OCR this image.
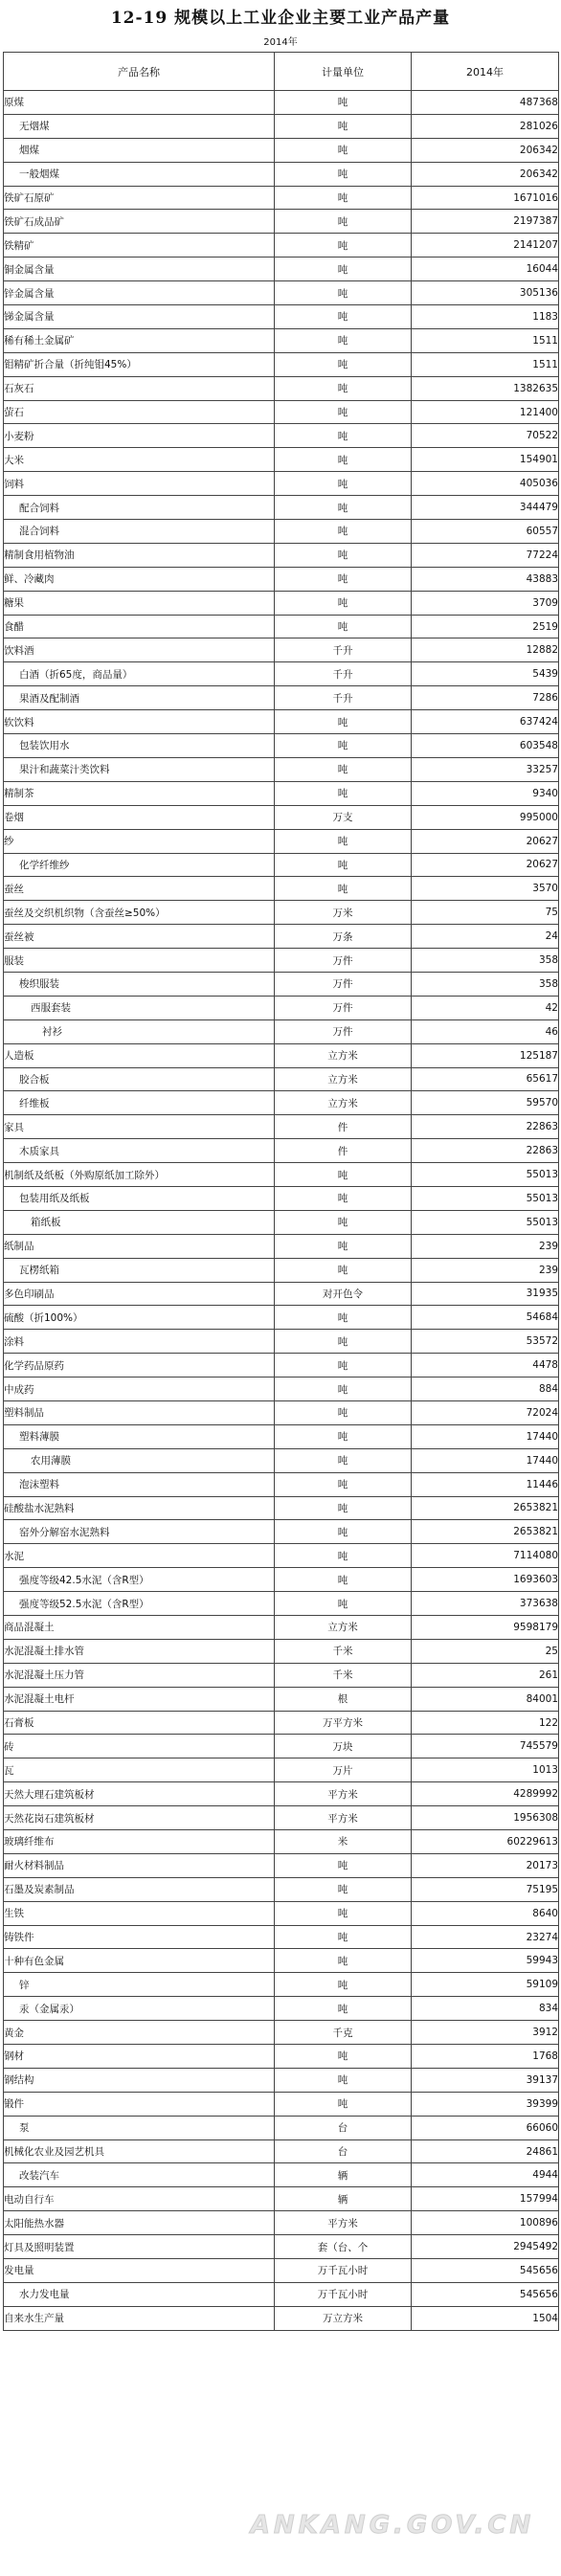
12-19 规模以上工业企业主要工业产品产量
2014年
产品名称	计量单位	2014年
原煤	吨	487368
无烟煤	吨	281026
烟煤	吨	206342
一般烟煤	吨	206342
铁矿石原矿	吨	1671016
铁矿石成品矿	吨	2197387
铁精矿	吨	2141207
铜金属含量	吨	16044
锌金属含量	吨	305136
锑金属含量	吨	1183
稀有稀土金属矿	吨	1511
钼精矿折合量（折纯钼45%）	吨	1511
石灰石	吨	1382635
萤石	吨	121400
小麦粉	吨	70522
大米	吨	154901
饲料	吨	405036
配合饲料	吨	344479
混合饲料	吨	60557
精制食用植物油	吨	77224
鲜、冷藏肉	吨	43883
糖果	吨	3709
食醋	吨	2519
饮料酒	千升	12882
白酒（折65度，商品量）	千升	5439
果酒及配制酒	千升	7286
软饮料	吨	637424
包装饮用水	吨	603548
果汁和蔬菜汁类饮料	吨	33257
精制茶	吨	9340
卷烟	万支	995000
纱	吨	20627
化学纤维纱	吨	20627
蚕丝	吨	3570
蚕丝及交织机织物（含蚕丝≥50%）	万米	75
蚕丝被	万条	24
服装	万件	358
梭织服装	万件	358
西服套装	万件	42
衬衫	万件	46
人造板	立方米	125187
胶合板	立方米	65617
纤维板	立方米	59570
家具	件	22863
木质家具	件	22863
机制纸及纸板（外购原纸加工除外）	吨	55013
包装用纸及纸板	吨	55013
箱纸板	吨	55013
纸制品	吨	239
瓦楞纸箱	吨	239
多色印刷品	对开色令	31935
硫酸（折100%）	吨	54684
涂料	吨	53572
化学药品原药	吨	4478
中成药	吨	884
塑料制品	吨	72024
塑料薄膜	吨	17440
农用薄膜	吨	17440
泡沫塑料	吨	11446
硅酸盐水泥熟料	吨	2653821
窑外分解窑水泥熟料	吨	2653821
水泥	吨	7114080
强度等级42.5水泥（含R型）	吨	1693603
强度等级52.5水泥（含R型）	吨	373638
商品混凝土	立方米	9598179
水泥混凝土排水管	千米	25
水泥混凝土压力管	千米	261
水泥混凝土电杆	根	84001
石膏板	万平方米	122
砖	万块	745579
瓦	万片	1013
天然大理石建筑板材	平方米	4289992
天然花岗石建筑板材	平方米	1956308
玻璃纤维布	米	60229613
耐火材料制品	吨	20173
石墨及炭素制品	吨	75195
生铁	吨	8640
铸铁件	吨	23274
十种有色金属	吨	59943
锌	吨	59109
汞（金属汞）	吨	834
黄金	千克	3912
钢材	吨	1768
钢结构	吨	39137
锻件	吨	39399
泵	台	66060
机械化农业及园艺机具	台	24861
改装汽车	辆	4944
电动自行车	辆	157994
太阳能热水器	平方米	100896
灯具及照明装置	套（台、个	2945492
发电量	万千瓦小时	545656
水力发电量	万千瓦小时	545656
自来水生产量	万立方米	1504
ANKANG.GOV.CN
